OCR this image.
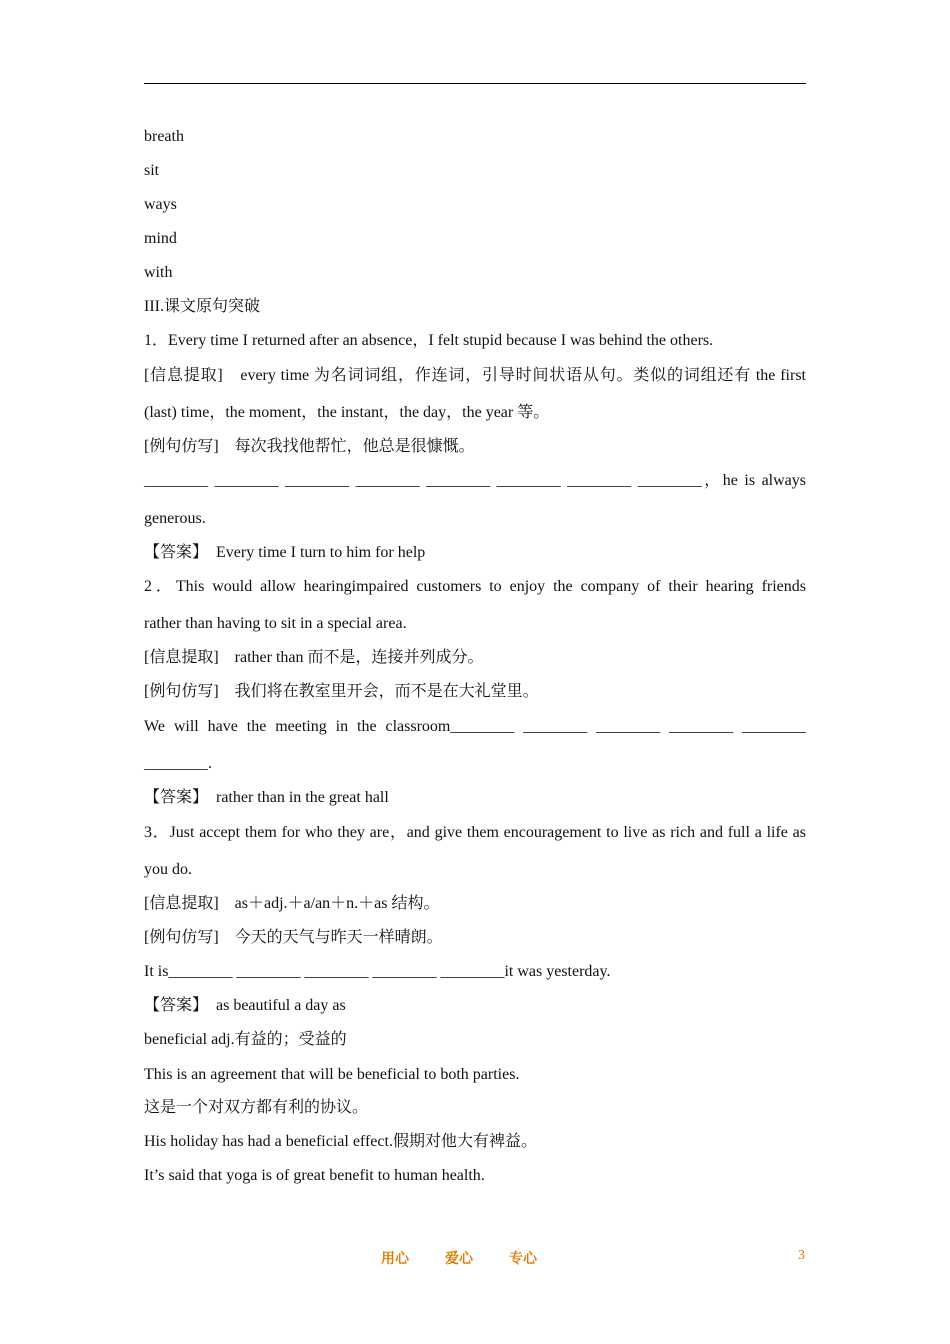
breath
sit
ways
mind
with
III.课文原句突破
1．Every time I returned after an absence，I felt stupid because I was behind the others.
[信息提取]　every time 为名词词组，作连词，引导时间状语从句。类似的词组还有 the first
(last) time，the moment，the instant，the day，the year 等。
[例句仿写]　每次我找他帮忙，他总是很慷慨。
________ ________ ________ ________ ________ ________ ________ ________，he is always
generous.
【答案】　Every time I turn to him for help
2．This would allow hearingimpaired customers to enjoy the company of their hearing friends
rather than having to sit in a special area.
[信息提取]　rather than 而不是，连接并列成分。
[例句仿写]　我们将在教室里开会，而不是在大礼堂里。
We will have the meeting in the classroom________ ________ ________ ________ ________
________.
【答案】　rather than in the great hall
3．Just accept them for who they are，and give them encouragement to live as rich and full a life as
you do.
[信息提取]　as＋adj.＋a/an＋n.＋as 结构。
[例句仿写]　今天的天气与昨天一样晴朗。
It is________ ________ ________ ________ ________it was yesterday.
【答案】　as beautiful a day as
beneficial adj.有益的；受益的
This is an agreement that will be beneficial to both parties.
这是一个对双方都有利的协议。
His holiday has had a beneficial effect.假期对他大有裨益。
It’s said that yoga is of great benefit to human health.
用心	爱心	专心	3
